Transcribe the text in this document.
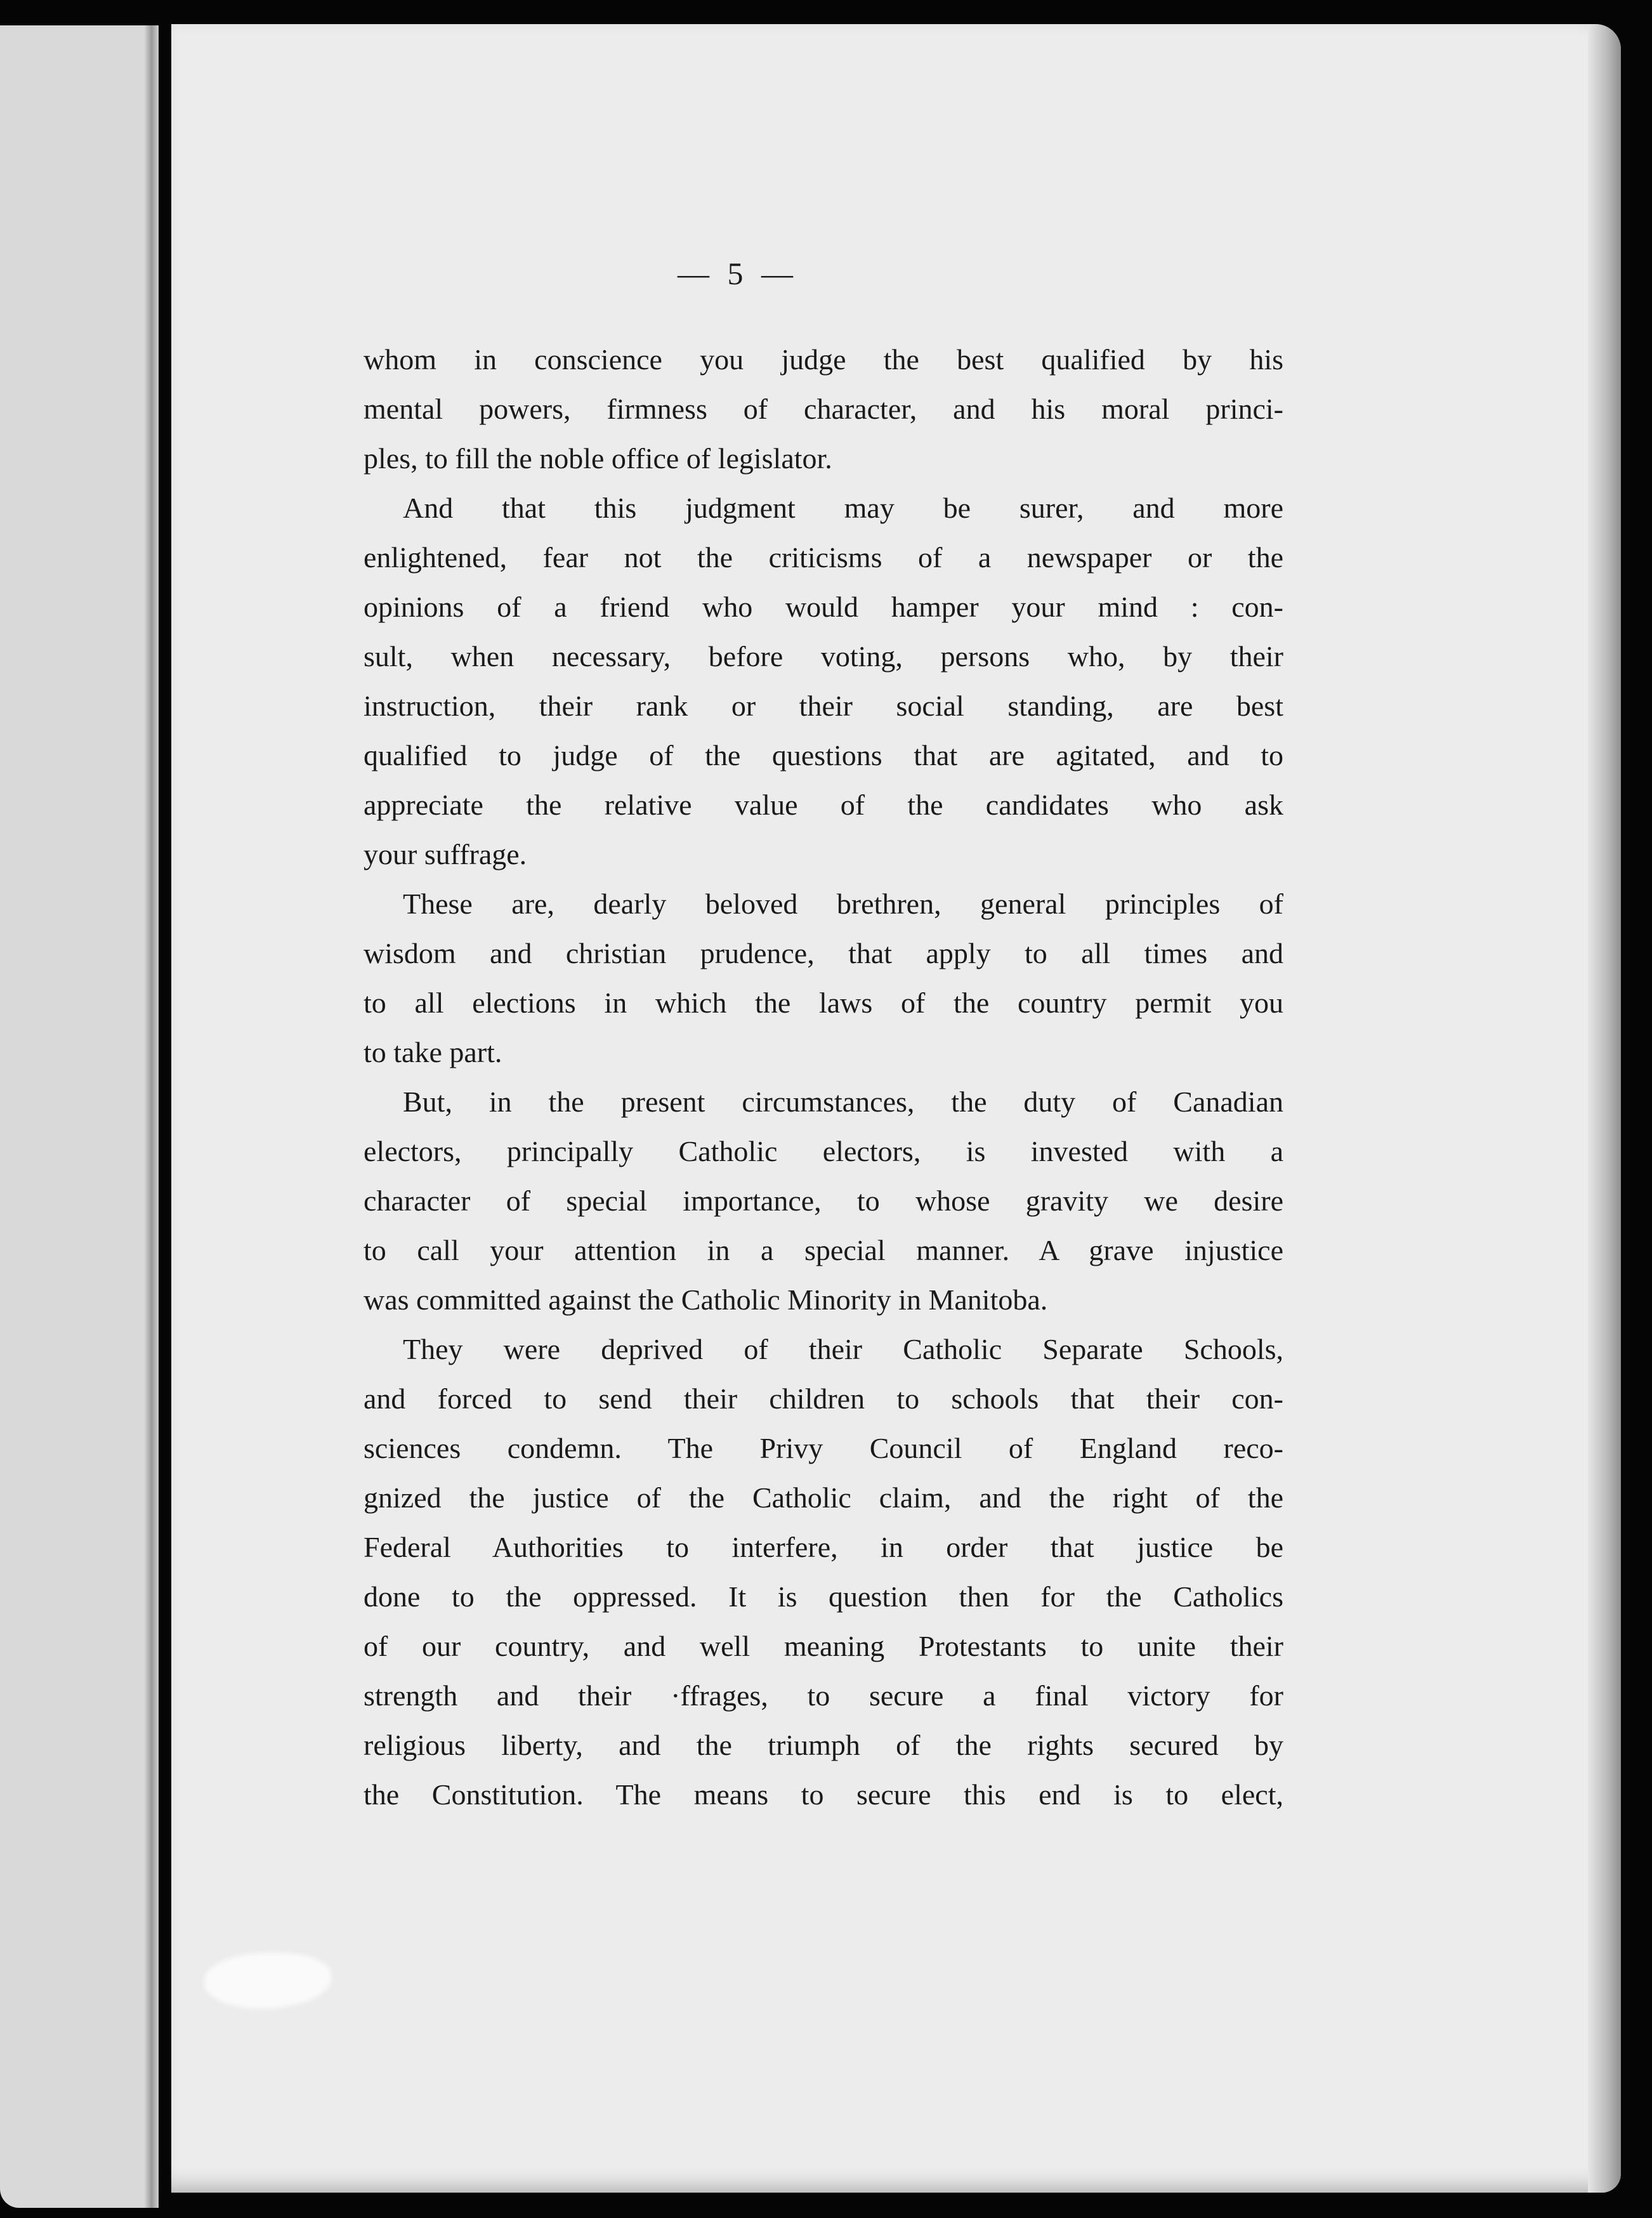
— 5 —
whom in conscience you judge the best qualified by his
mental powers, firmness of character, and his moral princi-
ples, to fill the noble office of legislator.
And that this judgment may be surer, and more
enlightened, fear not the criticisms of a newspaper or the
opinions of a friend who would hamper your mind : con-
sult, when necessary, before voting, persons who, by their
instruction, their rank or their social standing, are best
qualified to judge of the questions that are agitated, and to
appreciate the relative value of the candidates who ask
your suffrage.
These are, dearly beloved brethren, general principles of
wisdom and christian prudence, that apply to all times and
to all elections in which the laws of the country permit you
to take part.
But, in the present circumstances, the duty of Canadian
electors, principally Catholic electors, is invested with a
character of special importance, to whose gravity we desire
to call your attention in a special manner. A grave injustice
was committed against the Catholic Minority in Manitoba.
They were deprived of their Catholic Separate Schools,
and forced to send their children to schools that their con-
sciences condemn. The Privy Council of England reco-
gnized the justice of the Catholic claim, and the right of the
Federal Authorities to interfere, in order that justice be
done to the oppressed. It is question then for the Catholics
of our country, and well meaning Protestants to unite their
strength and their ·ffrages, to secure a final victory for
religious liberty, and the triumph of the rights secured by
the Constitution. The means to secure this end is to elect,
